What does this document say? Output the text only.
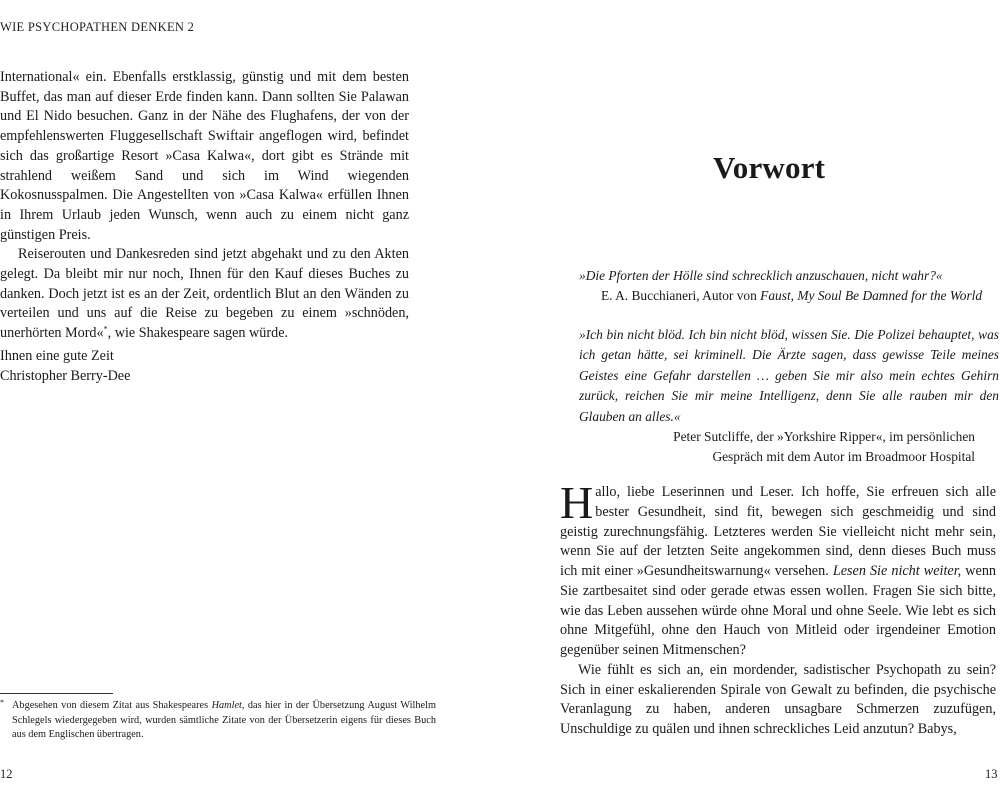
WIE PSYCHOPATHEN DENKEN 2

International« ein. Ebenfalls erstklassig, günstig und mit dem besten Buffet, das man auf dieser Erde finden kann. Dann sollten Sie Palawan und El Nido besuchen. Ganz in der Nähe des Flughafens, der von der empfehlenswerten Fluggesellschaft Swiftair angeflogen wird, befindet sich das großartige Resort »Casa Kalwa«, dort gibt es Strände mit strahlend weißem Sand und sich im Wind wiegenden Kokosnusspalmen. Die Angestellten von »Casa Kalwa« erfüllen Ihnen in Ihrem Urlaub jeden Wunsch, wenn auch zu einem nicht ganz günstigen Preis.

Reiserouten und Dankesreden sind jetzt abgehakt und zu den Akten gelegt. Da bleibt mir nur noch, Ihnen für den Kauf dieses Buches zu danken. Doch jetzt ist es an der Zeit, ordentlich Blut an den Wänden zu verteilen und uns auf die Reise zu begeben zu einem »schnöden, unerhörten Mord«*, wie Shakespeare sagen würde.

Ihnen eine gute Zeit
Christopher Berry-Dee
* Abgesehen von diesem Zitat aus Shakespeares Hamlet, das hier in der Übersetzung August Wilhelm Schlegels wiedergegeben wird, wurden sämtliche Zitate von der Übersetzerin eigens für dieses Buch aus dem Englischen übertragen.
12
Vorwort
»Die Pforten der Hölle sind schrecklich anzuschauen, nicht wahr?«
E. A. Bucchianeri, Autor von Faust, My Soul Be Damned for the World
»Ich bin nicht blöd. Ich bin nicht blöd, wissen Sie. Die Polizei behauptet, was ich getan hätte, sei kriminell. Die Ärzte sagen, dass gewisse Teile meines Geistes eine Gefahr darstellen … geben Sie mir also mein echtes Gehirn zurück, reichen Sie mir meine Intelligenz, denn Sie alle rauben mir den Glauben an alles.«
Peter Sutcliffe, der »Yorkshire Ripper«, im persönlichen
Gespräch mit dem Autor im Broadmoor Hospital

Hallo, liebe Leserinnen und Leser. Ich hoffe, Sie erfreuen sich alle bester Gesundheit, sind fit, bewegen sich geschmeidig und sind geistig zurechnungsfähig. Letzteres werden Sie vielleicht nicht mehr sein, wenn Sie auf der letzten Seite angekommen sind, denn dieses Buch muss ich mit einer »Gesundheitswarnung« versehen. Lesen Sie nicht weiter, wenn Sie zartbesaitet sind oder gerade etwas essen wollen. Fragen Sie sich bitte, wie das Leben aussehen würde ohne Moral und ohne Seele. Wie lebt es sich ohne Mitgefühl, ohne den Hauch von Mitleid oder irgendeiner Emotion gegenüber seinen Mitmenschen?

Wie fühlt es sich an, ein mordender, sadistischer Psychopath zu sein? Sich in einer eskalierenden Spirale von Gewalt zu befinden, die psychische Veranlagung zu haben, anderen unsagbare Schmerzen zuzufügen, Unschuldige zu quälen und ihnen schreckliches Leid anzutun? Babys,

13
